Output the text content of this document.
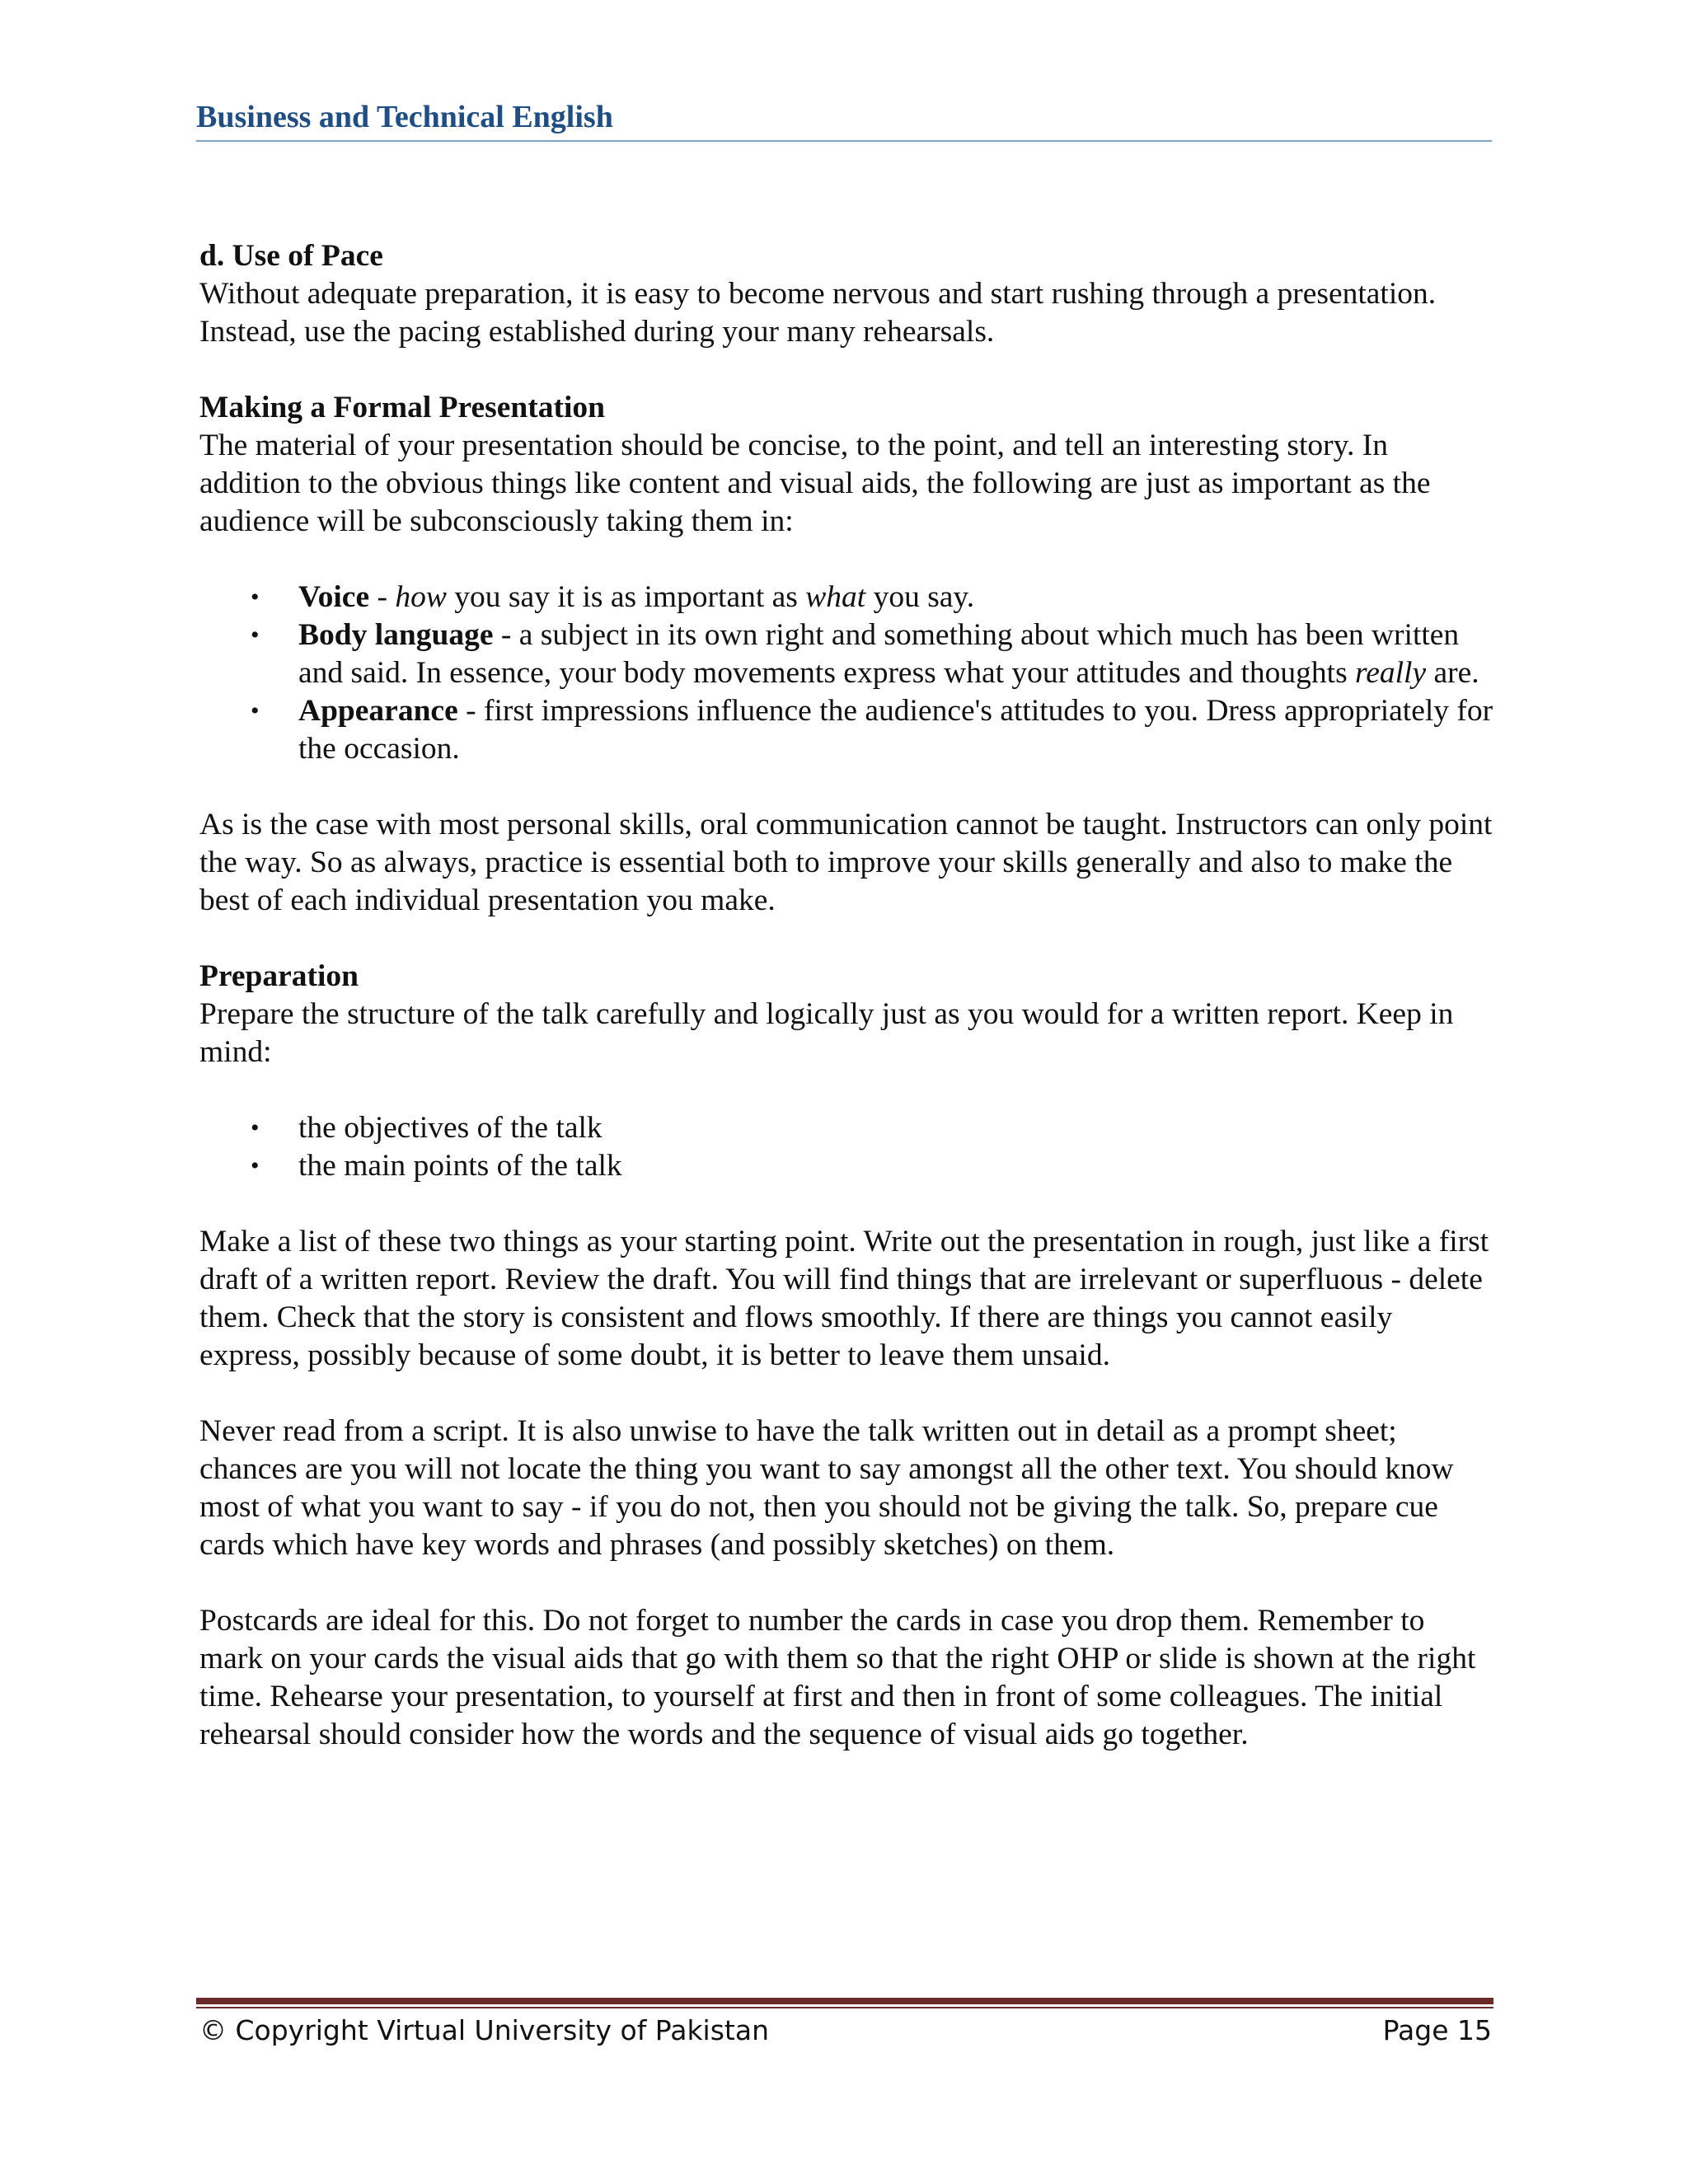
Business and Technical English
d. Use of Pace

Without adequate preparation, it is easy to become nervous and start rushing through a presentation. Instead, use the pacing established during your many rehearsals.

Making a Formal Presentation

The material of your presentation should be concise, to the point, and tell an interesting story. In addition to the obvious things like content and visual aids, the following are just as important as the audience will be subconsciously taking them in:

• Voice - how you say it is as important as what you say.
• Body language - a subject in its own right and something about which much has been written and said. In essence, your body movements express what your attitudes and thoughts really are.
• Appearance - first impressions influence the audience's attitudes to you. Dress appropriately for the occasion.

As is the case with most personal skills, oral communication cannot be taught. Instructors can only point the way. So as always, practice is essential both to improve your skills generally and also to make the best of each individual presentation you make.

Preparation

Prepare the structure of the talk carefully and logically just as you would for a written report. Keep in mind:

• the objectives of the talk
• the main points of the talk

Make a list of these two things as your starting point. Write out the presentation in rough, just like a first draft of a written report. Review the draft. You will find things that are irrelevant or superfluous - delete them. Check that the story is consistent and flows smoothly. If there are things you cannot easily express, possibly because of some doubt, it is better to leave them unsaid.

Never read from a script. It is also unwise to have the talk written out in detail as a prompt sheet; chances are you will not locate the thing you want to say amongst all the other text. You should know most of what you want to say - if you do not, then you should not be giving the talk. So, prepare cue cards which have key words and phrases (and possibly sketches) on them.

Postcards are ideal for this. Do not forget to number the cards in case you drop them. Remember to mark on your cards the visual aids that go with them so that the right OHP or slide is shown at the right time. Rehearse your presentation, to yourself at first and then in front of some colleagues. The initial rehearsal should consider how the words and the sequence of visual aids go together.

© Copyright Virtual University of Pakistan	Page 15
